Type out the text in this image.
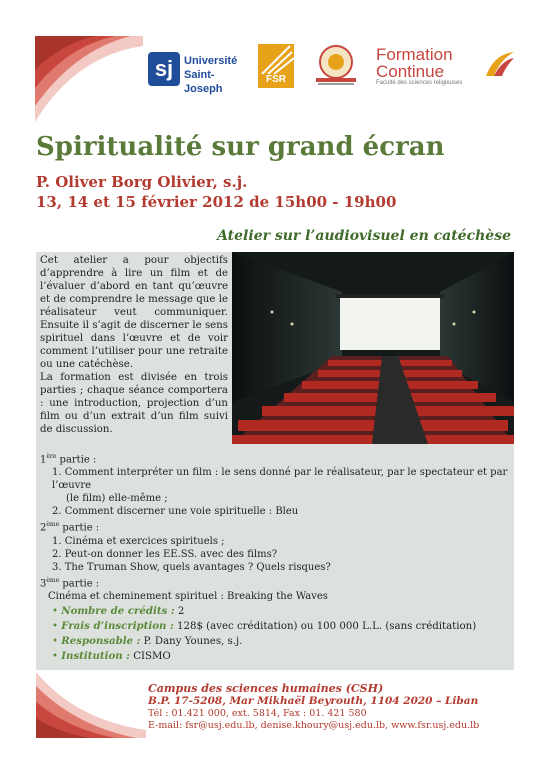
sj Université
Saint-Joseph
FSR
Formation
Continue
Faculté des sciences religieuses
Spiritualité sur grand écran
P. Oliver Borg Olivier, s.j.
13, 14 et 15 février 2012 de 15h00 - 19h00
Atelier sur l’audiovisuel en catéchèse

Cet atelier a pour objectifs d’apprendre à lire un film et de l’évaluer d’abord en tant qu’œuvre et de comprendre le message que le réalisateur veut communiquer. Ensuite il s’agit de discerner le sens spirituel dans l’œuvre et de voir comment l’utiliser pour une retraite ou une catéchèse.

La formation est divisée en trois parties ; chaque séance comportera : une introduction, projection d’un film ou d’un extrait d’un film suivi de discussion.

1ère partie :

1. Comment interpréter un film : le sens donné par le réalisateur, par le spectateur et par l’œuvre

(le film) elle-même ;

2. Comment discerner une voie spirituelle : Bleu

2ème partie :

1. Cinéma et exercices spirituels ;

2. Peut-on donner les EE.SS. avec des films?

3. The Truman Show, quels avantages ? Quels risques?

3ème partie :

Cinéma et cheminement spirituel : Breaking the Waves

• Nombre de crédits : 2

• Frais d’inscription : 128$ (avec créditation) ou 100 000 L.L. (sans créditation)

• Responsable : P. Dany Younes, s.j.

• Institution : CISMO

Campus des sciences humaines (CSH)

B.P. 17-5208, Mar Mikhaël Beyrouth, 1104 2020 – Liban

Tél : 01.421 000, ext. 5814, Fax : 01. 421 580

E-mail: fsr@usj.edu.lb, denise.khoury@usj.edu.lb, www.fsr.usj.edu.lb
